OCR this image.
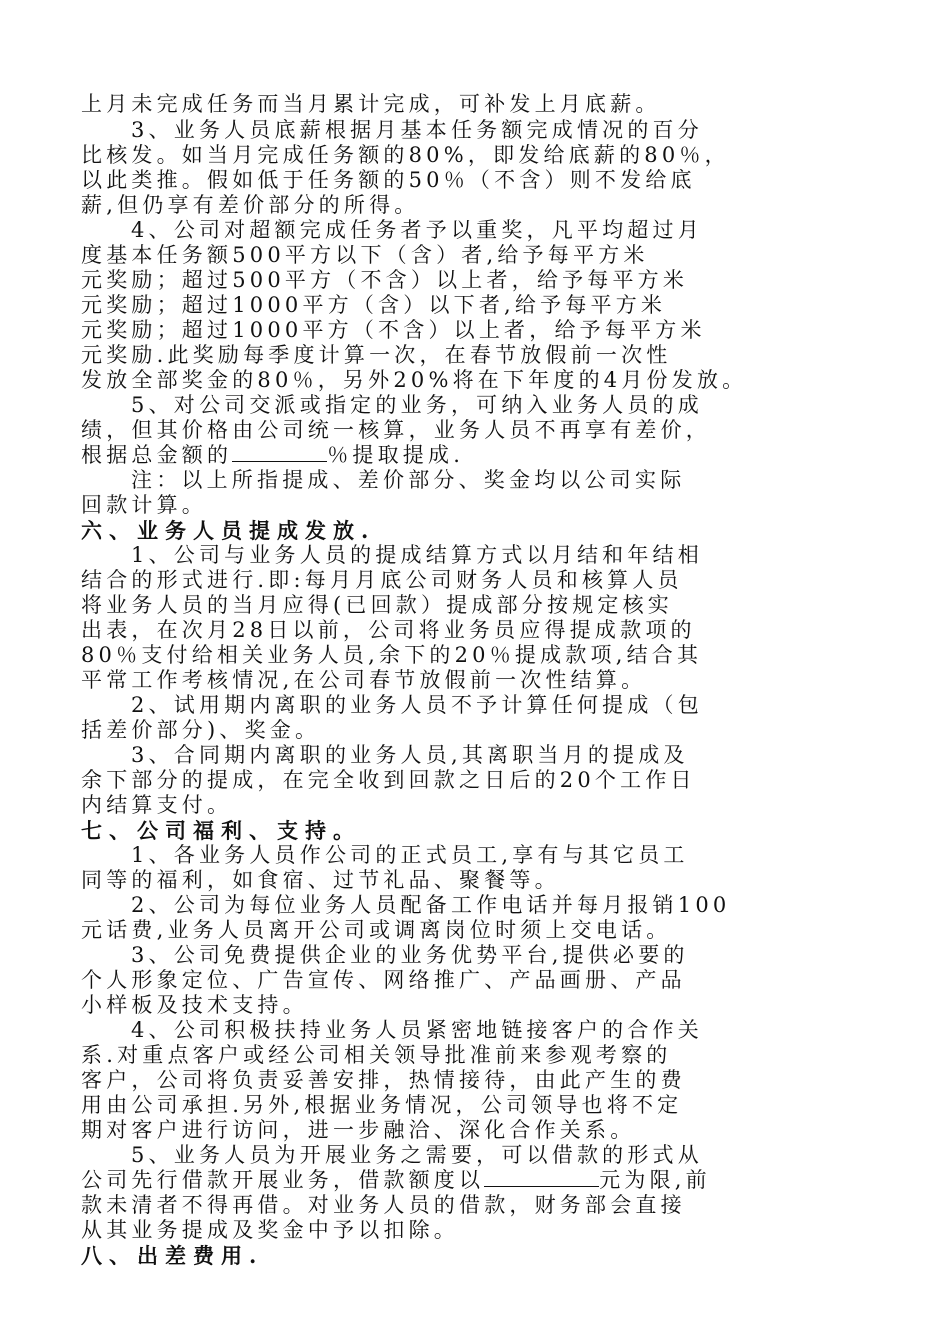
上月未完成任务而当月累计完成，可补发上月底薪。
3、业务人员底薪根据月基本任务额完成情况的百分
比核发。如当月完成任务额的80%，即发给底薪的80％，
以此类推。假如低于任务额的50％（不含）则不发给底
薪,但仍享有差价部分的所得。
4、公司对超额完成任务者予以重奖，凡平均超过月
度基本任务额500平方以下（含）者,给予每平方米
元奖励；超过500平方（不含）以上者，给予每平方米
元奖励；超过1000平方（含）以下者,给予每平方米
元奖励；超过1000平方（不含）以上者，给予每平方米
元奖励.此奖励每季度计算一次，在春节放假前一次性
发放全部奖金的80％，另外20%将在下年度的4月份发放。
5、对公司交派或指定的业务，可纳入业务人员的成
绩，但其价格由公司统一核算，业务人员不再享有差价，
根据总金额的	％提取提成.
注：以上所指提成、差价部分、奖金均以公司实际
回款计算。
六、业务人员提成发放.
1、公司与业务人员的提成结算方式以月结和年结相
结合的形式进行.即:每月月底公司财务人员和核算人员
将业务人员的当月应得(已回款）提成部分按规定核实
出表，在次月28日以前，公司将业务员应得提成款项的
80％支付给相关业务人员,余下的20％提成款项,结合其
平常工作考核情况,在公司春节放假前一次性结算。
2、试用期内离职的业务人员不予计算任何提成（包
括差价部分)、奖金。
3、合同期内离职的业务人员,其离职当月的提成及
余下部分的提成，在完全收到回款之日后的20个工作日
内结算支付。
七、公司福利、支持。
1、各业务人员作公司的正式员工,享有与其它员工
同等的福利，如食宿、过节礼品、聚餐等。
2、公司为每位业务人员配备工作电话并每月报销100
元话费,业务人员离开公司或调离岗位时须上交电话。
3、公司免费提供企业的业务优势平台,提供必要的
个人形象定位、广告宣传、网络推广、产品画册、产品
小样板及技术支持。
4、公司积极扶持业务人员紧密地链接客户的合作关
系.对重点客户或经公司相关领导批准前来参观考察的
客户，公司将负责妥善安排，热情接待，由此产生的费
用由公司承担.另外,根据业务情况，公司领导也将不定
期对客户进行访问，进一步融洽、深化合作关系。
5、业务人员为开展业务之需要，可以借款的形式从
公司先行借款开展业务，借款额度以	元为限,前
款未清者不得再借。对业务人员的借款，财务部会直接
从其业务提成及奖金中予以扣除。
八、出差费用.
